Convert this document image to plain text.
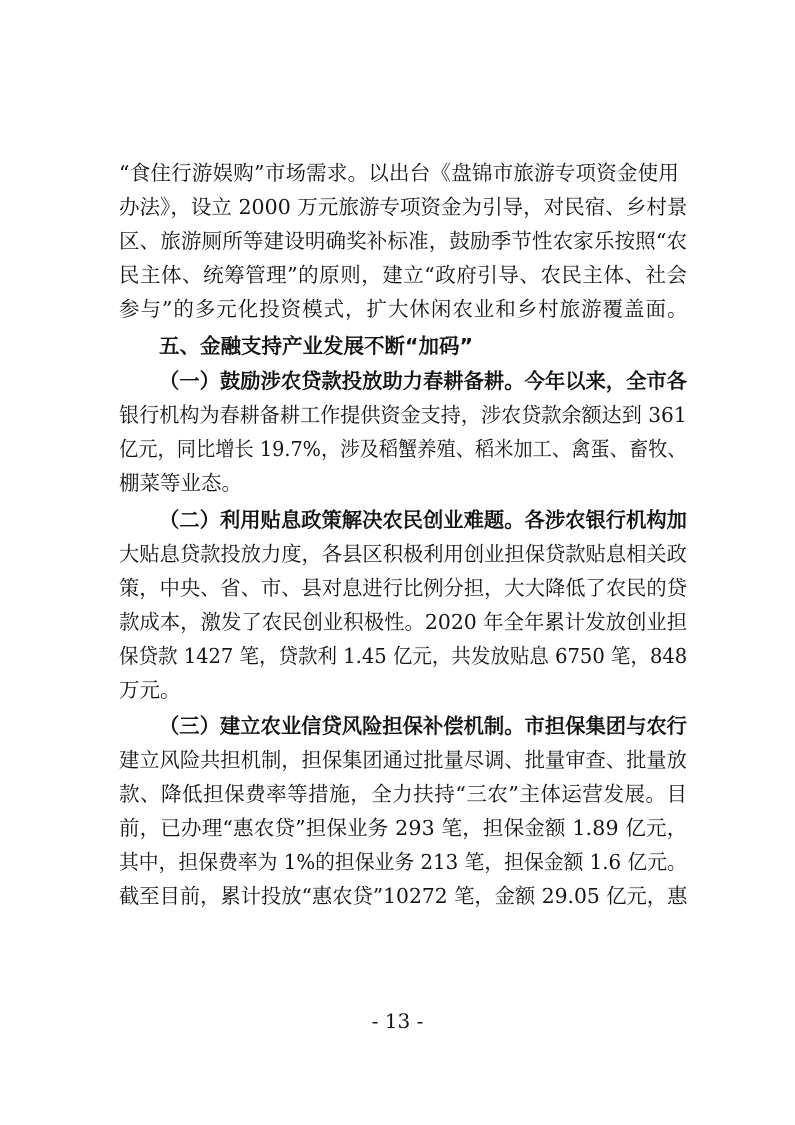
“食住行游娱购”市场需求。以出台《盘锦市旅游专项资金使用
办法》，设立 2000 万元旅游专项资金为引导，对民宿、乡村景
区、旅游厕所等建设明确奖补标准，鼓励季节性农家乐按照“农
民主体、统筹管理”的原则，建立“政府引导、农民主体、社会
参与”的多元化投资模式，扩大休闲农业和乡村旅游覆盖面。
五、金融支持产业发展不断“加码”
（一）鼓励涉农贷款投放助力春耕备耕。今年以来，全市各
银行机构为春耕备耕工作提供资金支持，涉农贷款余额达到 361
亿元，同比增长 19.7%，涉及稻蟹养殖、稻米加工、禽蛋、畜牧、
棚菜等业态。
（二）利用贴息政策解决农民创业难题。各涉农银行机构加
大贴息贷款投放力度，各县区积极利用创业担保贷款贴息相关政
策，中央、省、市、县对息进行比例分担，大大降低了农民的贷
款成本，激发了农民创业积极性。2020 年全年累计发放创业担
保贷款 1427 笔，贷款利 1.45 亿元，共发放贴息 6750 笔，848
万元。
（三）建立农业信贷风险担保补偿机制。市担保集团与农行
建立风险共担机制，担保集团通过批量尽调、批量审查、批量放
款、降低担保费率等措施，全力扶持“三农”主体运营发展。目
前，已办理“惠农贷”担保业务 293 笔，担保金额 1.89 亿元，
其中，担保费率为 1%的担保业务 213 笔，担保金额 1.6 亿元。
截至目前，累计投放“惠农贷”10272 笔，金额 29.05 亿元，惠
- 13 -
